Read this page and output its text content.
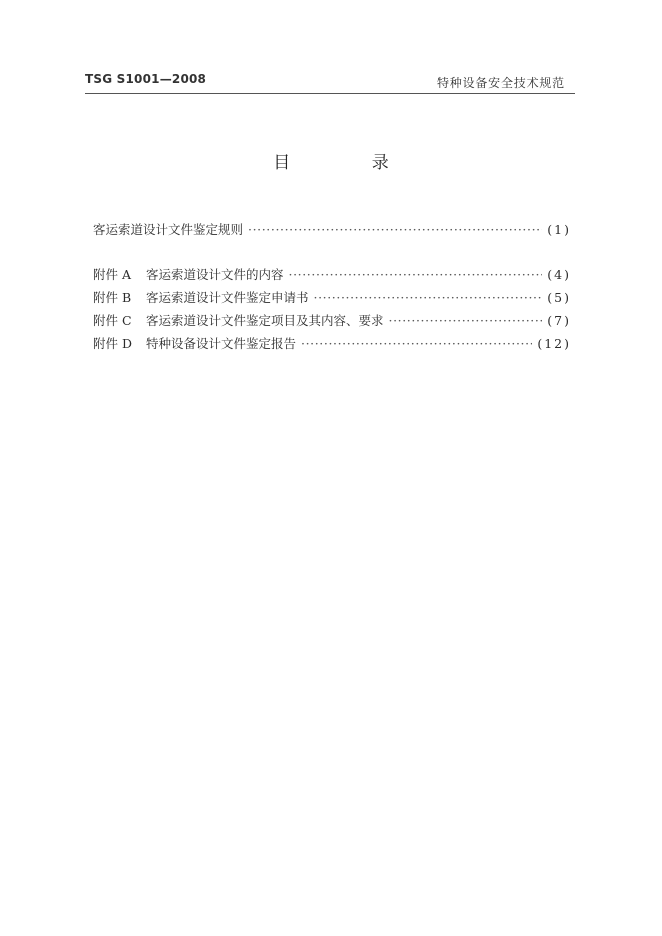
TSG S1001—2008	特种设备安全技术规范
目 录
客运索道设计文件鉴定规则 ·····	(1)
附件 A	客运索道设计文件的内容 ·····	(4)
附件 B	客运索道设计文件鉴定申请书 ·····	(5)
附件 C	客运索道设计文件鉴定项目及其内容、要求 ·····	(7)
附件 D	特种设备设计文件鉴定报告 ·····	(12)
